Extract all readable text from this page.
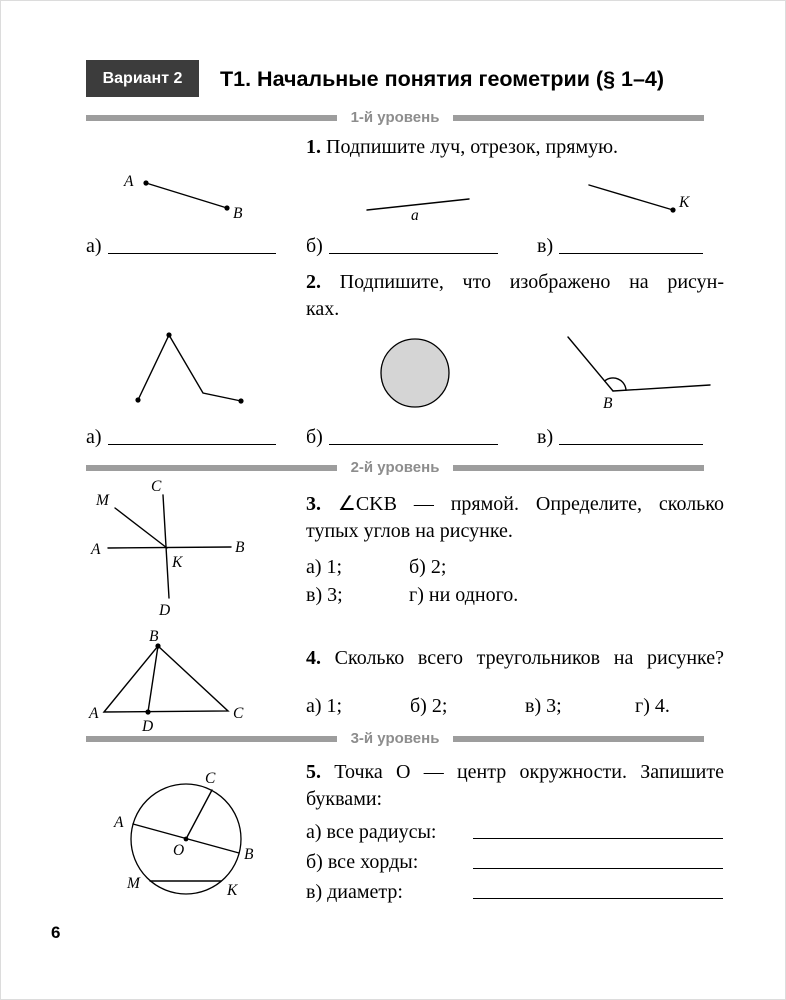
Вариант 2	Т1. Начальные понятия геометрии (§ 1–4)
1-й уровень
1. Подпишите луч, отрезок, прямую.
A
B	a
K
а)	б)	в)
2. Подпишите, что изображено на рисун-
ках.
B
а)	б)	в)
2-й уровень
C
D
A	B
M
K
3. ∠CKB — прямой. Определите, сколько
тупых углов на рисунке.
а) 1;	б) 2;
в) 3;	г) ни одного.
B
A	C
D
4. Сколько всего треугольников на рисунке?
а) 1;	б) 2;	в) 3;	г) 4.
3-й уровень
C
A
B
M	K
O
5. Точка O — центр окружности. Запишите
буквами:
а) все радиусы:
б) все хорды:
в) диаметр:
6
